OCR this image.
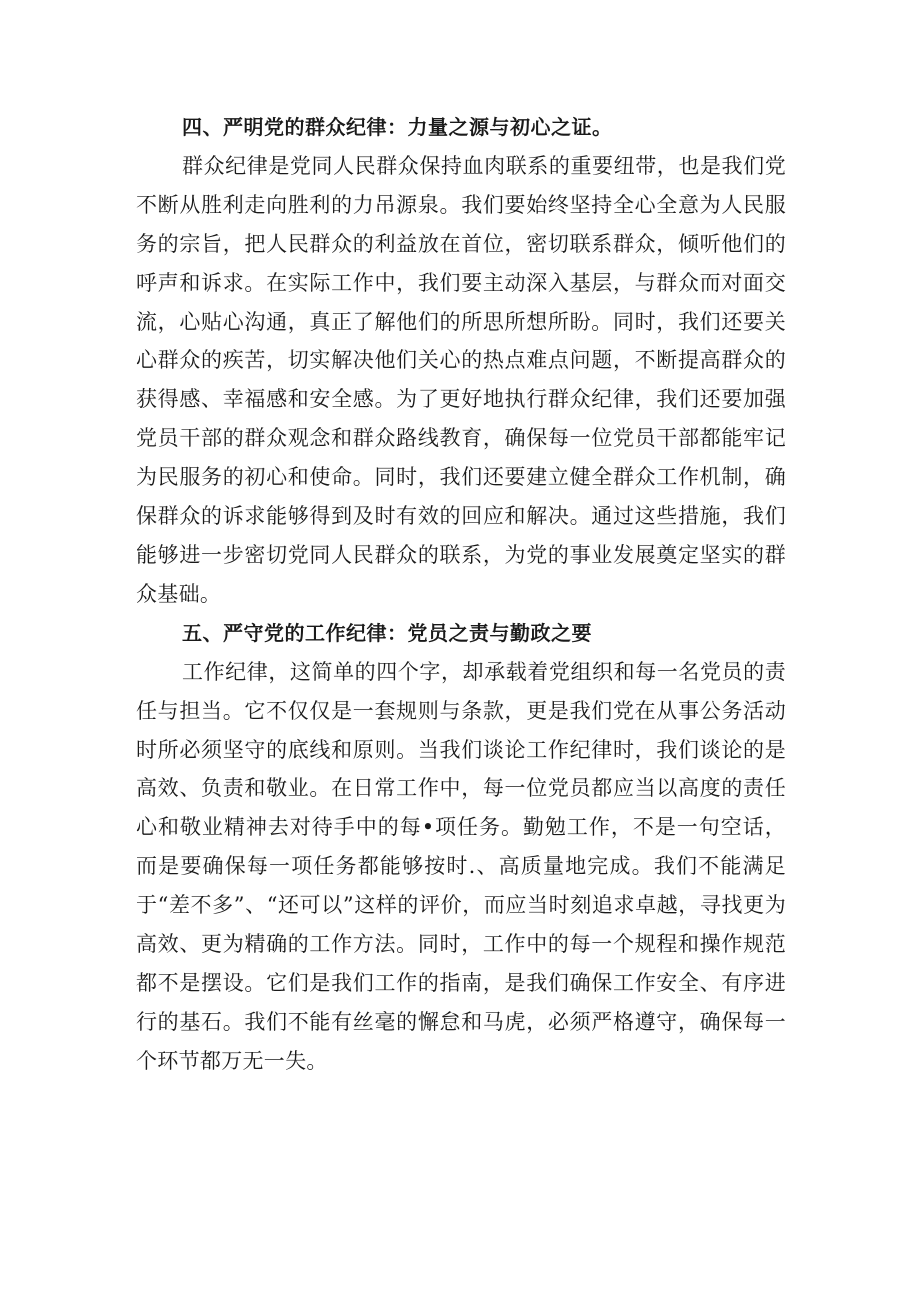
四、严明党的群众纪律：力量之源与初心之证。

群众纪律是党同人民群众保持血肉联系的重要纽带，也是我们党不断从胜利走向胜利的力吊源泉。我们要始终坚持全心全意为人民服务的宗旨，把人民群众的利益放在首位，密切联系群众，倾听他们的呼声和诉求。在实际工作中，我们要主动深入基层，与群众而对面交流，心贴心沟通，真正了解他们的所思所想所盼。同时，我们还要关心群众的疾苦，切实解决他们关心的热点难点问题，不断提高群众的获得感、幸福感和安全感。为了更好地执行群众纪律，我们还要加强党员干部的群众观念和群众路线教育，确保每一位党员干部都能牢记为民服务的初心和使命。同时，我们还要建立健全群众工作机制，确保群众的诉求能够得到及时有效的回应和解决。通过这些措施，我们能够进一步密切党同人民群众的联系，为党的事业发展奠定坚实的群众基础。

五、严守党的工作纪律：党员之责与勤政之要

工作纪律，这简单的四个字，却承载着党组织和每一名党员的责任与担当。它不仅仅是一套规则与条款，更是我们党在从事公务活动时所必须坚守的底线和原则。当我们谈论工作纪律时，我们谈论的是高效、负责和敬业。在日常工作中，每一位党员都应当以高度的责任心和敬业精神去对待手中的每•项任务。勤勉工作，不是一句空话，而是要确保每一项任务都能够按时.、高质量地完成。我们不能满足于“差不多”、“还可以”这样的评价，而应当时刻追求卓越，寻找更为高效、更为精确的工作方法。同时，工作中的每一个规程和操作规范都不是摆设。它们是我们工作的指南，是我们确保工作安全、有序进行的基石。我们不能有丝毫的懈怠和马虎，必须严格遵守，确保每一个环节都万无一失。
